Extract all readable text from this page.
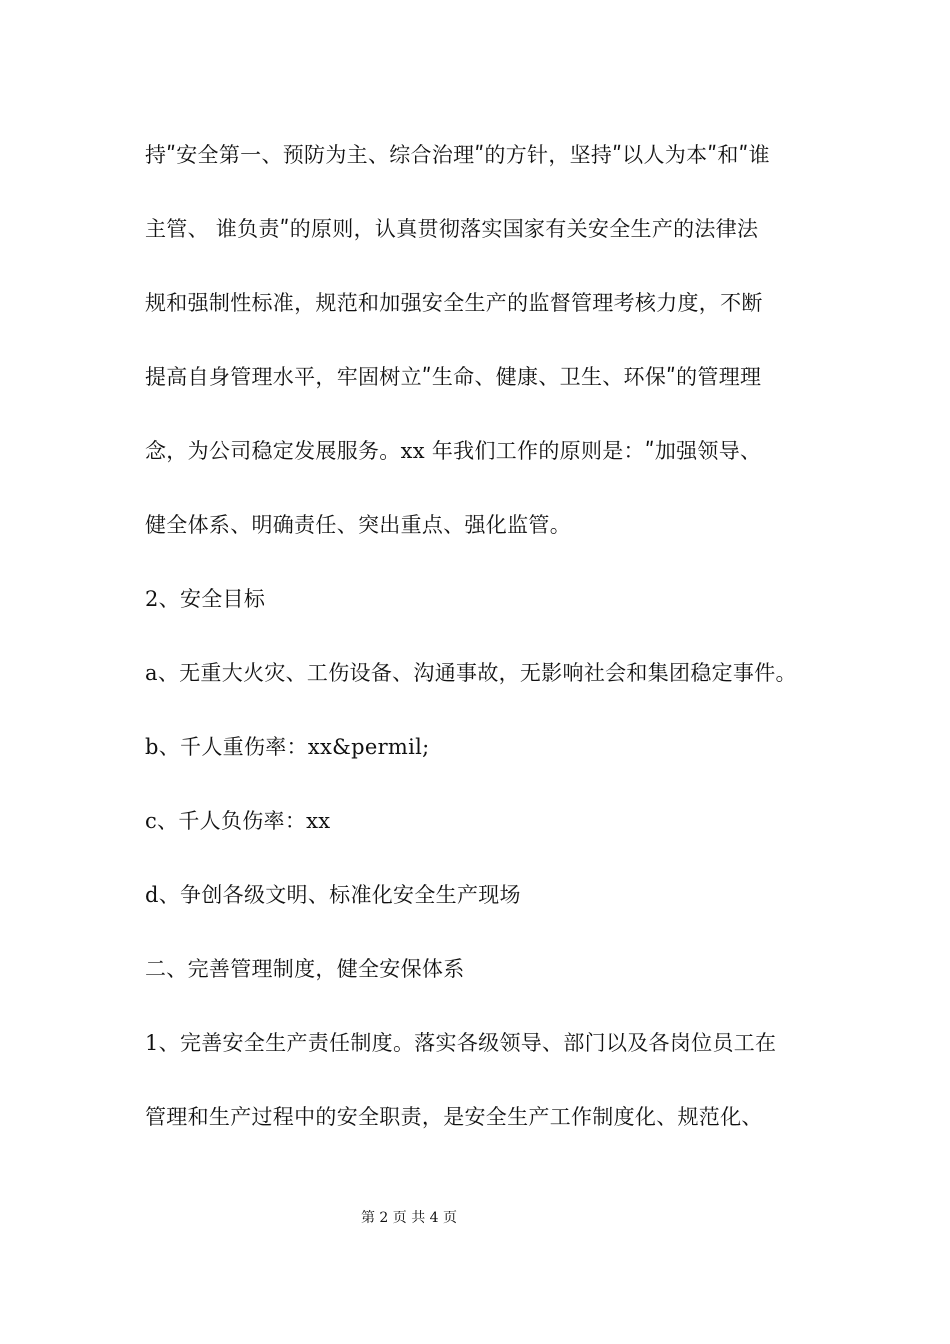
持ʺ安全第一、预防为主、综合治理ʺ的方针，坚持ʺ以人为本ʺ和ʺ谁
主管、 谁负责ʺ的原则，认真贯彻落实国家有关安全生产的法律法
规和强制性标准，规范和加强安全生产的监督管理考核力度，不断
提高自身管理水平，牢固树立ʺ生命、健康、卫生、环保ʺ的管理理
念，为公司稳定发展服务。xx 年我们工作的原则是：ʺ加强领导、
健全体系、明确责任、突出重点、强化监管。
2、安全目标
a、无重大火灾、工伤设备、沟通事故，无影响社会和集团稳定事件。
b、千人重伤率：xx&permil;
c、千人负伤率：xx
d、争创各级文明、标准化安全生产现场
二、完善管理制度，健全安保体系
1、完善安全生产责任制度。落实各级领导、部门以及各岗位员工在
管理和生产过程中的安全职责，是安全生产工作制度化、规范化、
第 2 页 共 4 页
